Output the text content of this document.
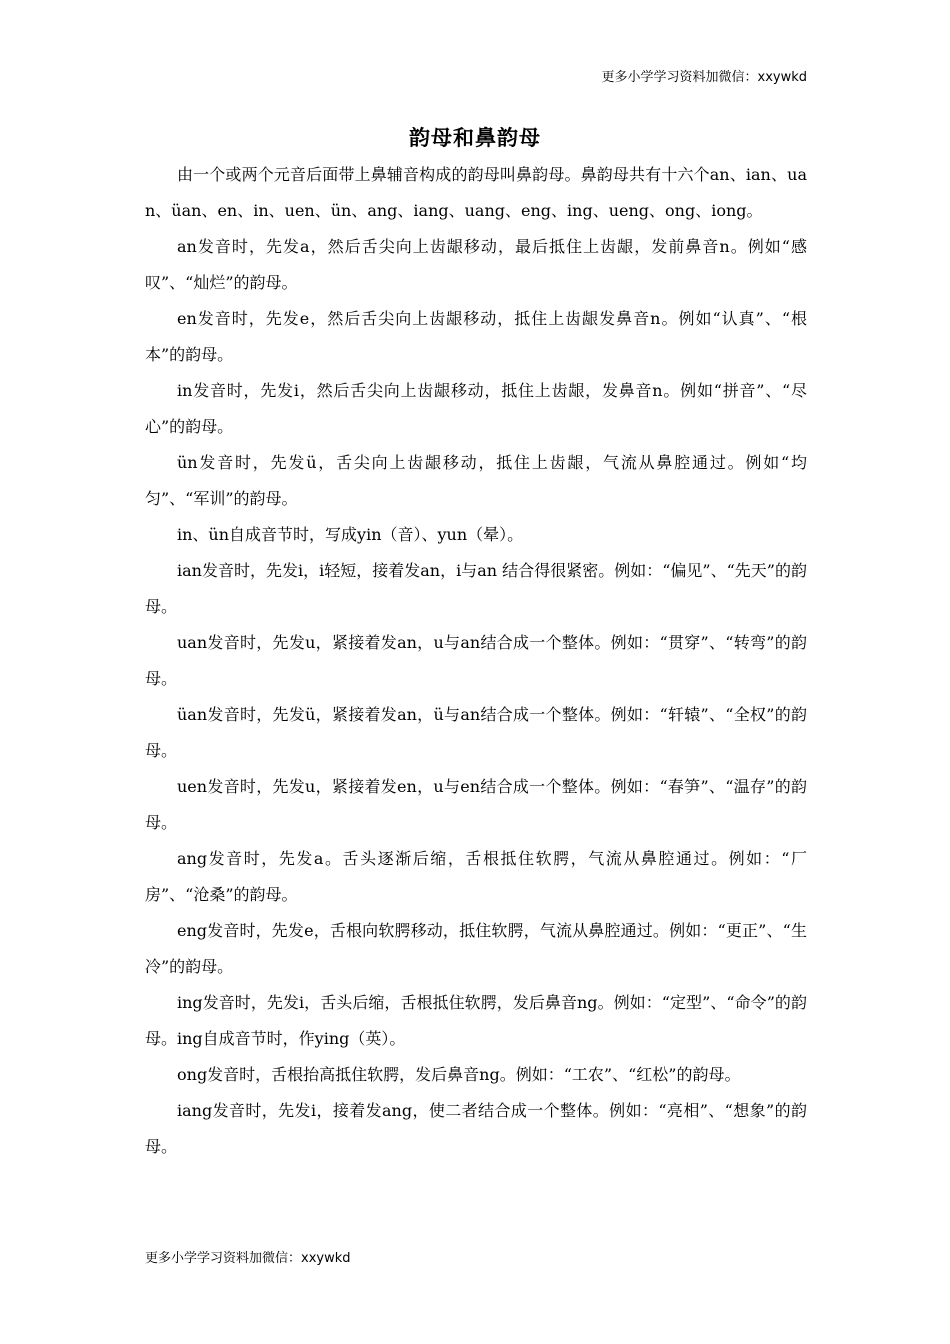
更多小学学习资料加微信：xxywkd
韵母和鼻韵母

由一个或两个元音后面带上鼻辅音构成的韵母叫鼻韵母。鼻韵母共有十六个an、ian、uan、üan、en、in、uen、ün、ang、iang、uang、eng、ing、ueng、ong、iong。

an发音时，先发a，然后舌尖向上齿龈移动，最后抵住上齿龈，发前鼻音n。例如“感叹”、“灿烂”的韵母。

en发音时，先发e，然后舌尖向上齿龈移动，抵住上齿龈发鼻音n。例如“认真”、“根本”的韵母。

in发音时，先发i，然后舌尖向上齿龈移动，抵住上齿龈，发鼻音n。例如“拼音”、“尽心”的韵母。

ün发音时，先发ü，舌尖向上齿龈移动，抵住上齿龈，气流从鼻腔通过。例如“均匀”、“军训”的韵母。

in、ün自成音节时，写成yin（音）、yun（晕）。

ian发音时，先发i，i轻短，接着发an，i与an 结合得很紧密。例如：“偏见”、“先天”的韵母。

uan发音时，先发u，紧接着发an，u与an结合成一个整体。例如：“贯穿”、“转弯”的韵母。

üan发音时，先发ü，紧接着发an，ü与an结合成一个整体。例如：“轩辕”、“全权”的韵母。

uen发音时，先发u，紧接着发en，u与en结合成一个整体。例如：“春笋”、“温存”的韵母。

ang发音时，先发a。舌头逐渐后缩，舌根抵住软腭，气流从鼻腔通过。例如：“厂房”、“沧桑”的韵母。

eng发音时，先发e，舌根向软腭移动，抵住软腭，气流从鼻腔通过。例如：“更正”、“生冷”的韵母。

ing发音时，先发i，舌头后缩，舌根抵住软腭，发后鼻音ng。例如：“定型”、“命令”的韵母。ing自成音节时，作ying（英）。

ong发音时，舌根抬高抵住软腭，发后鼻音ng。例如：“工农”、“红松”的韵母。

iang发音时，先发i，接着发ang，使二者结合成一个整体。例如：“亮相”、“想象”的韵母。

更多小学学习资料加微信：xxywkd
